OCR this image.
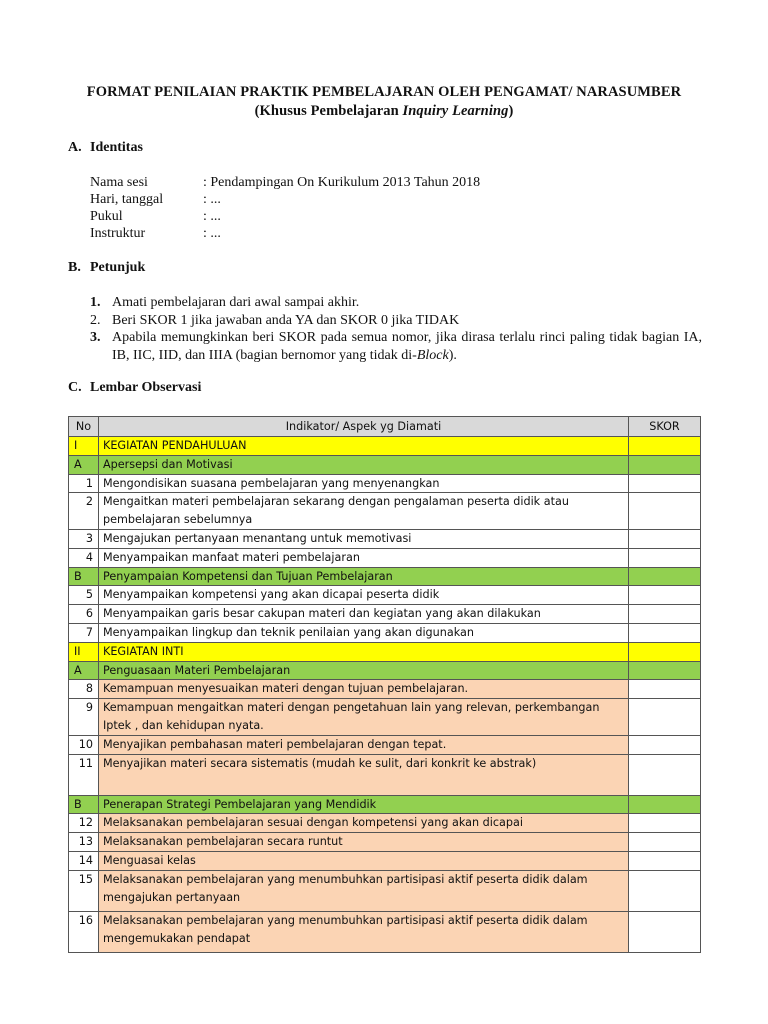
FORMAT PENILAIAN PRAKTIK PEMBELAJARAN OLEH PENGAMAT/ NARASUMBER
(Khusus Pembelajaran Inquiry Learning)
A. Identitas
Nama sesi	: Pendampingan On Kurikulum 2013 Tahun 2018
Hari, tanggal	: ...
Pukul	: ...
Instruktur	: ...
B. Petunjuk
1. Amati pembelajaran dari awal sampai akhir.
2. Beri SKOR 1 jika jawaban anda YA dan SKOR 0 jika TIDAK
3. Apabila memungkinkan beri SKOR pada semua nomor, jika dirasa terlalu rinci paling tidak bagian IA, IB, IIC, IID, dan IIIA (bagian bernomor yang tidak di-Block).
C. Lembar Observasi
No	Indikator/ Aspek yg Diamati	SKOR
I	KEGIATAN PENDAHULUAN	
A	Apersepsi dan Motivasi	
1	Mengondisikan suasana pembelajaran yang menyenangkan	
2	Mengaitkan materi pembelajaran sekarang dengan pengalaman peserta didik atau pembelajaran sebelumnya	
3	Mengajukan pertanyaan menantang untuk memotivasi	
4	Menyampaikan manfaat materi pembelajaran	
B	Penyampaian Kompetensi dan Tujuan Pembelajaran	
5	Menyampaikan kompetensi yang akan dicapai peserta didik	
6	Menyampaikan garis besar cakupan materi dan kegiatan yang akan dilakukan	
7	Menyampaikan lingkup dan teknik penilaian yang akan digunakan	
II	KEGIATAN INTI	
A	Penguasaan Materi Pembelajaran	
8	Kemampuan menyesuaikan materi dengan tujuan pembelajaran.	
9	Kemampuan mengaitkan materi dengan pengetahuan lain yang relevan, perkembangan Iptek , dan kehidupan nyata.	
10	Menyajikan pembahasan materi pembelajaran dengan tepat.	
11	Menyajikan materi secara sistematis (mudah ke sulit, dari konkrit ke abstrak)	
B	Penerapan Strategi Pembelajaran yang Mendidik	
12	Melaksanakan pembelajaran sesuai dengan kompetensi yang akan dicapai	
13	Melaksanakan pembelajaran secara runtut	
14	Menguasai kelas	
15	Melaksanakan pembelajaran yang menumbuhkan partisipasi aktif peserta didik dalam mengajukan pertanyaan	
16	Melaksanakan pembelajaran yang menumbuhkan partisipasi aktif peserta didik dalam mengemukakan pendapat	
